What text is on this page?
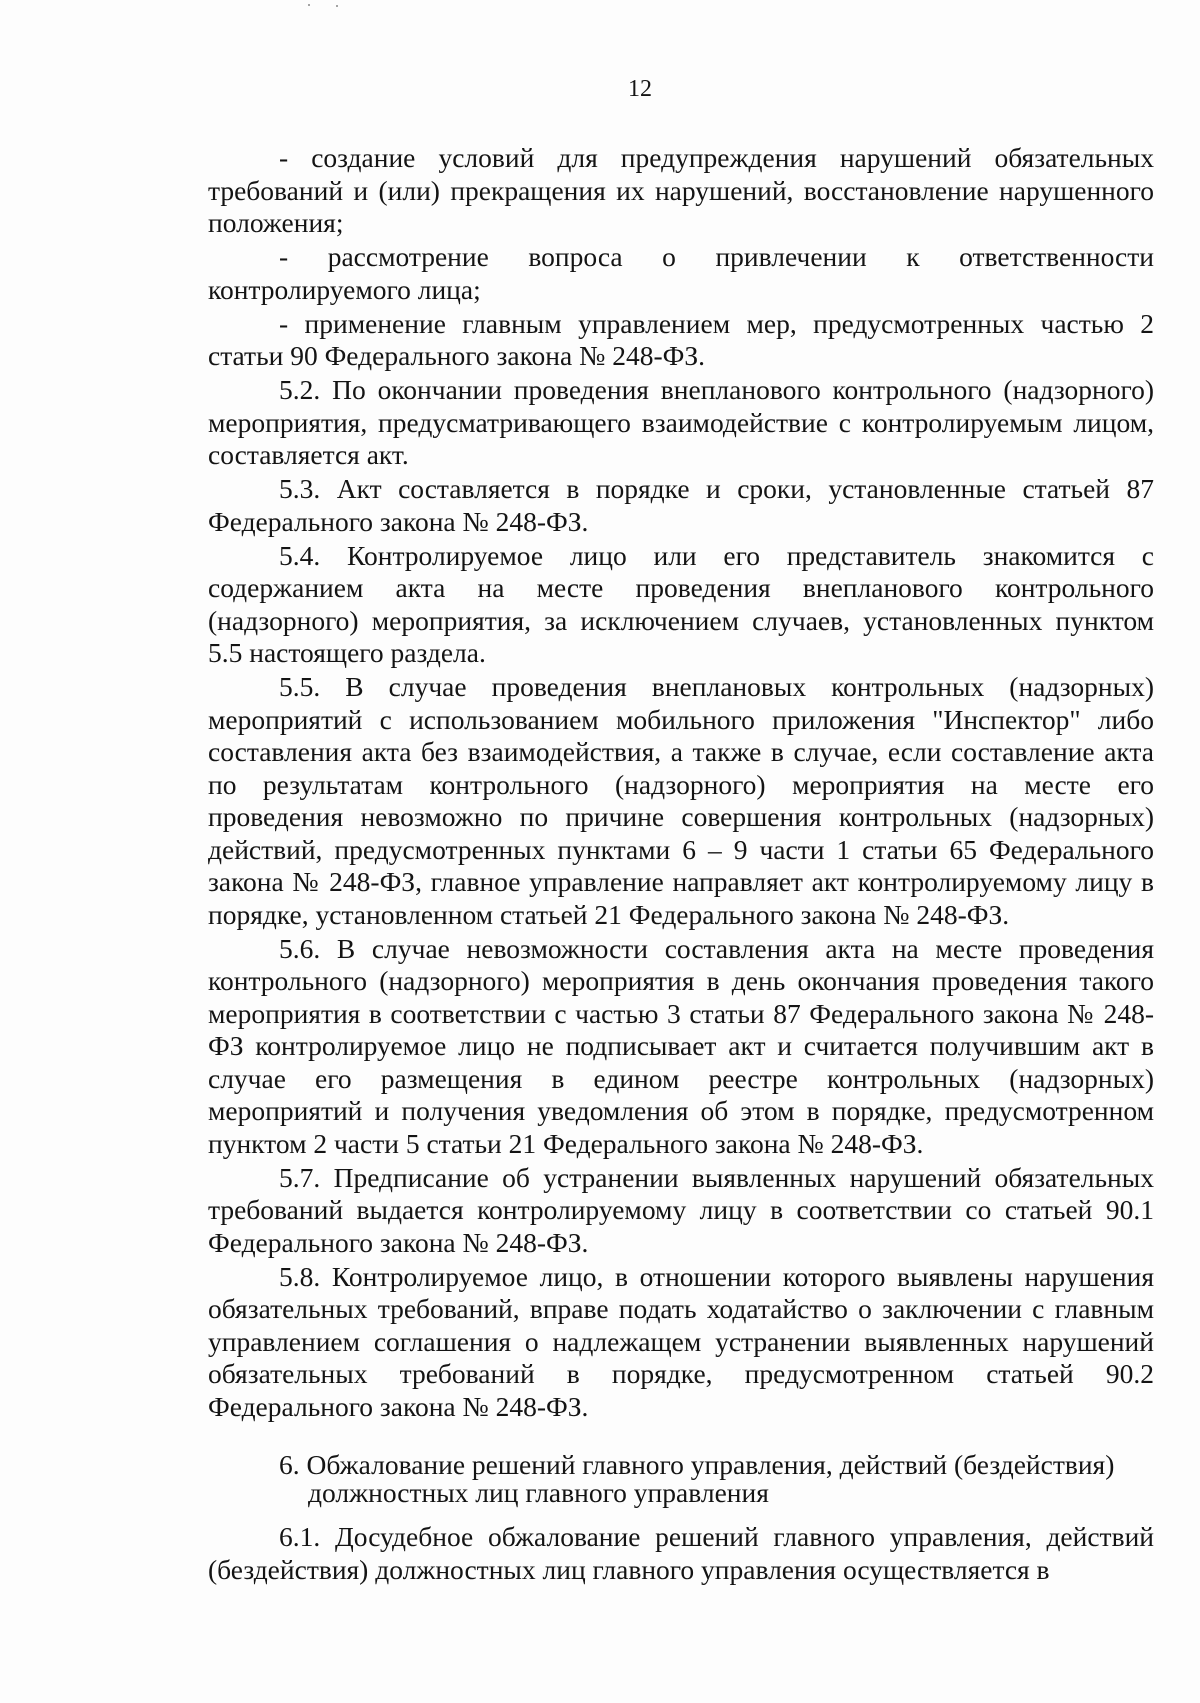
12

- создание условий для предупреждения нарушений обязательных требований и (или) прекращения их нарушений, восстановление нарушенного положения;

- рассмотрение вопроса о привлечении к ответственности контролируемого лица;

- применение главным управлением мер, предусмотренных частью 2 статьи 90 Федерального закона № 248-ФЗ.

5.2. По окончании проведения внепланового контрольного (надзорного) мероприятия, предусматривающего взаимодействие с контролируемым лицом, составляется акт.

5.3. Акт составляется в порядке и сроки, установленные статьей 87 Федерального закона № 248-ФЗ.

5.4. Контролируемое лицо или его представитель знакомится с содержанием акта на месте проведения внепланового контрольного (надзорного) мероприятия, за исключением случаев, установленных пунктом 5.5 настоящего раздела.

5.5. В случае проведения внеплановых контрольных (надзорных) мероприятий с использованием мобильного приложения "Инспектор" либо составления акта без взаимодействия, а также в случае, если составление акта по результатам контрольного (надзорного) мероприятия на месте его проведения невозможно по причине совершения контрольных (надзорных) действий, предусмотренных пунктами 6 – 9 части 1 статьи 65 Федерального закона № 248-ФЗ, главное управление направляет акт контролируемому лицу в порядке, установленном статьей 21 Федерального закона № 248-ФЗ.

5.6. В случае невозможности составления акта на месте проведения контрольного (надзорного) мероприятия в день окончания проведения такого мероприятия в соответствии с частью 3 статьи 87 Федерального закона № 248-ФЗ контролируемое лицо не подписывает акт и считается получившим акт в случае его размещения в едином реестре контрольных (надзорных) мероприятий и получения уведомления об этом в порядке, предусмотренном пунктом 2 части 5 статьи 21 Федерального закона № 248-ФЗ.

5.7. Предписание об устранении выявленных нарушений обязательных требований выдается контролируемому лицу в соответствии со статьей 90.1 Федерального закона № 248-ФЗ.

5.8. Контролируемое лицо, в отношении которого выявлены нарушения обязательных требований, вправе подать ходатайство о заключении с главным управлением соглашения о надлежащем устранении выявленных нарушений обязательных требований в порядке, предусмотренном статьей 90.2 Федерального закона № 248-ФЗ.

6. Обжалование решений главного управления, действий (бездействия)
должностных лиц главного управления

6.1. Досудебное обжалование решений главного управления, действий (бездействия) должностных лиц главного управления осуществляется в
